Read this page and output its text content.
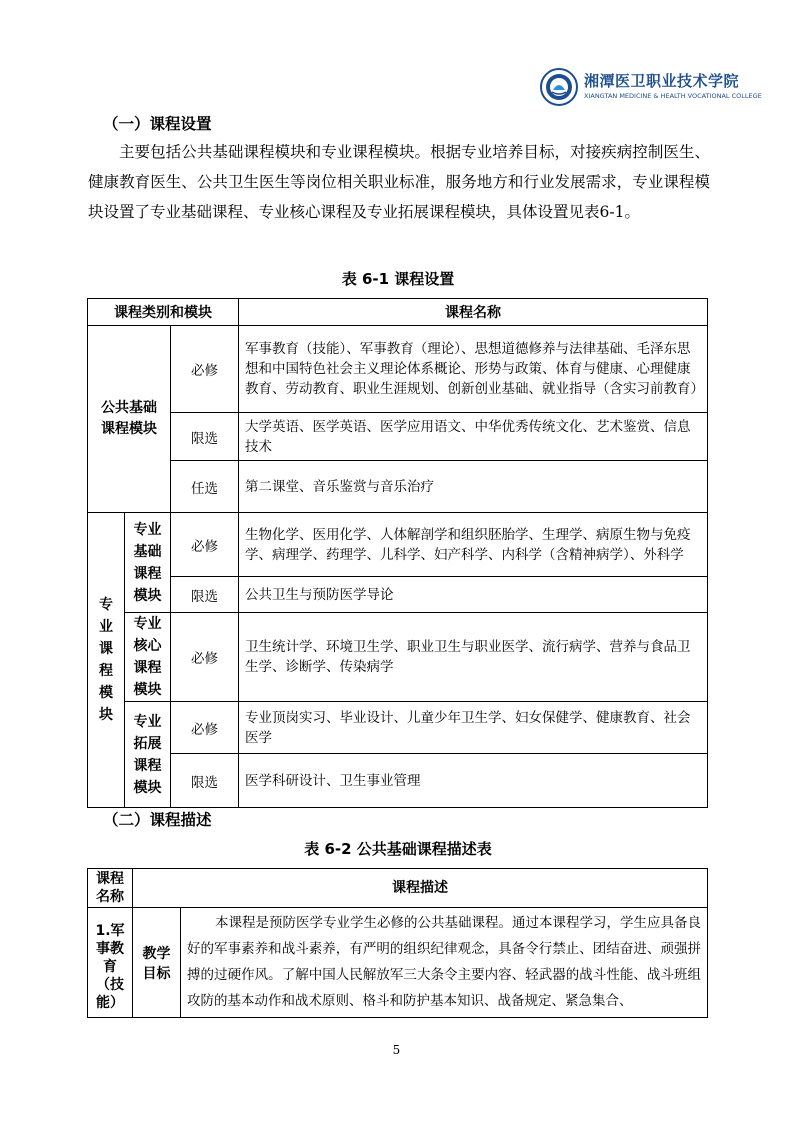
湘潭医卫职业技术学院
XIANGTAN MEDICINE & HEALTH VOCATIONAL COLLEGE
（一）课程设置

主要包括公共基础课程模块和专业课程模块。根据专业培养目标，对接疾病控制医生、健康教育医生、公共卫生医生等岗位相关职业标准，服务地方和行业发展需求，专业课程模块设置了专业基础课程、专业核心课程及专业拓展课程模块，具体设置见表6-1。

表 6-1 课程设置
课程类别和模块			课程名称
公共基础课程模块		必修	军事教育（技能）、军事教育（理论）、思想道德修养与法律基础、毛泽东思想和中国特色社会主义理论体系概论、形势与政策、体育与健康、心理健康教育、劳动教育、职业生涯规划、创新创业基础、就业指导（含实习前教育）
		限选	大学英语、医学英语、医学应用语文、中华优秀传统文化、艺术鉴赏、信息技术
		任选	第二课堂、音乐鉴赏与音乐治疗
专业课程模块	专业基础课程模块	必修	生物化学、医用化学、人体解剖学和组织胚胎学、生理学、病原生物与免疫学、病理学、药理学、儿科学、妇产科学、内科学（含精神病学）、外科学
		限选	公共卫生与预防医学导论
	专业核心课程模块	必修	卫生统计学、环境卫生学、职业卫生与职业医学、流行病学、营养与食品卫生学、诊断学、传染病学
	专业拓展课程模块	必修	专业顶岗实习、毕业设计、儿童少年卫生学、妇女保健学、健康教育、社会医学
		限选	医学科研设计、卫生事业管理
（二）课程描述
表 6-2 公共基础课程描述表
课程名称	课程描述	
1.军事教育（技能）	教学目标	本课程是预防医学专业学生必修的公共基础课程。通过本课程学习，学生应具备良好的军事素养和战斗素养，有严明的组织纪律观念，具备令行禁止、团结奋进、顽强拼搏的过硬作风。了解中国人民解放军三大条令主要内容、轻武器的战斗性能、战斗班组攻防的基本动作和战术原则、格斗和防护基本知识、战备规定、紧急集合、

5
